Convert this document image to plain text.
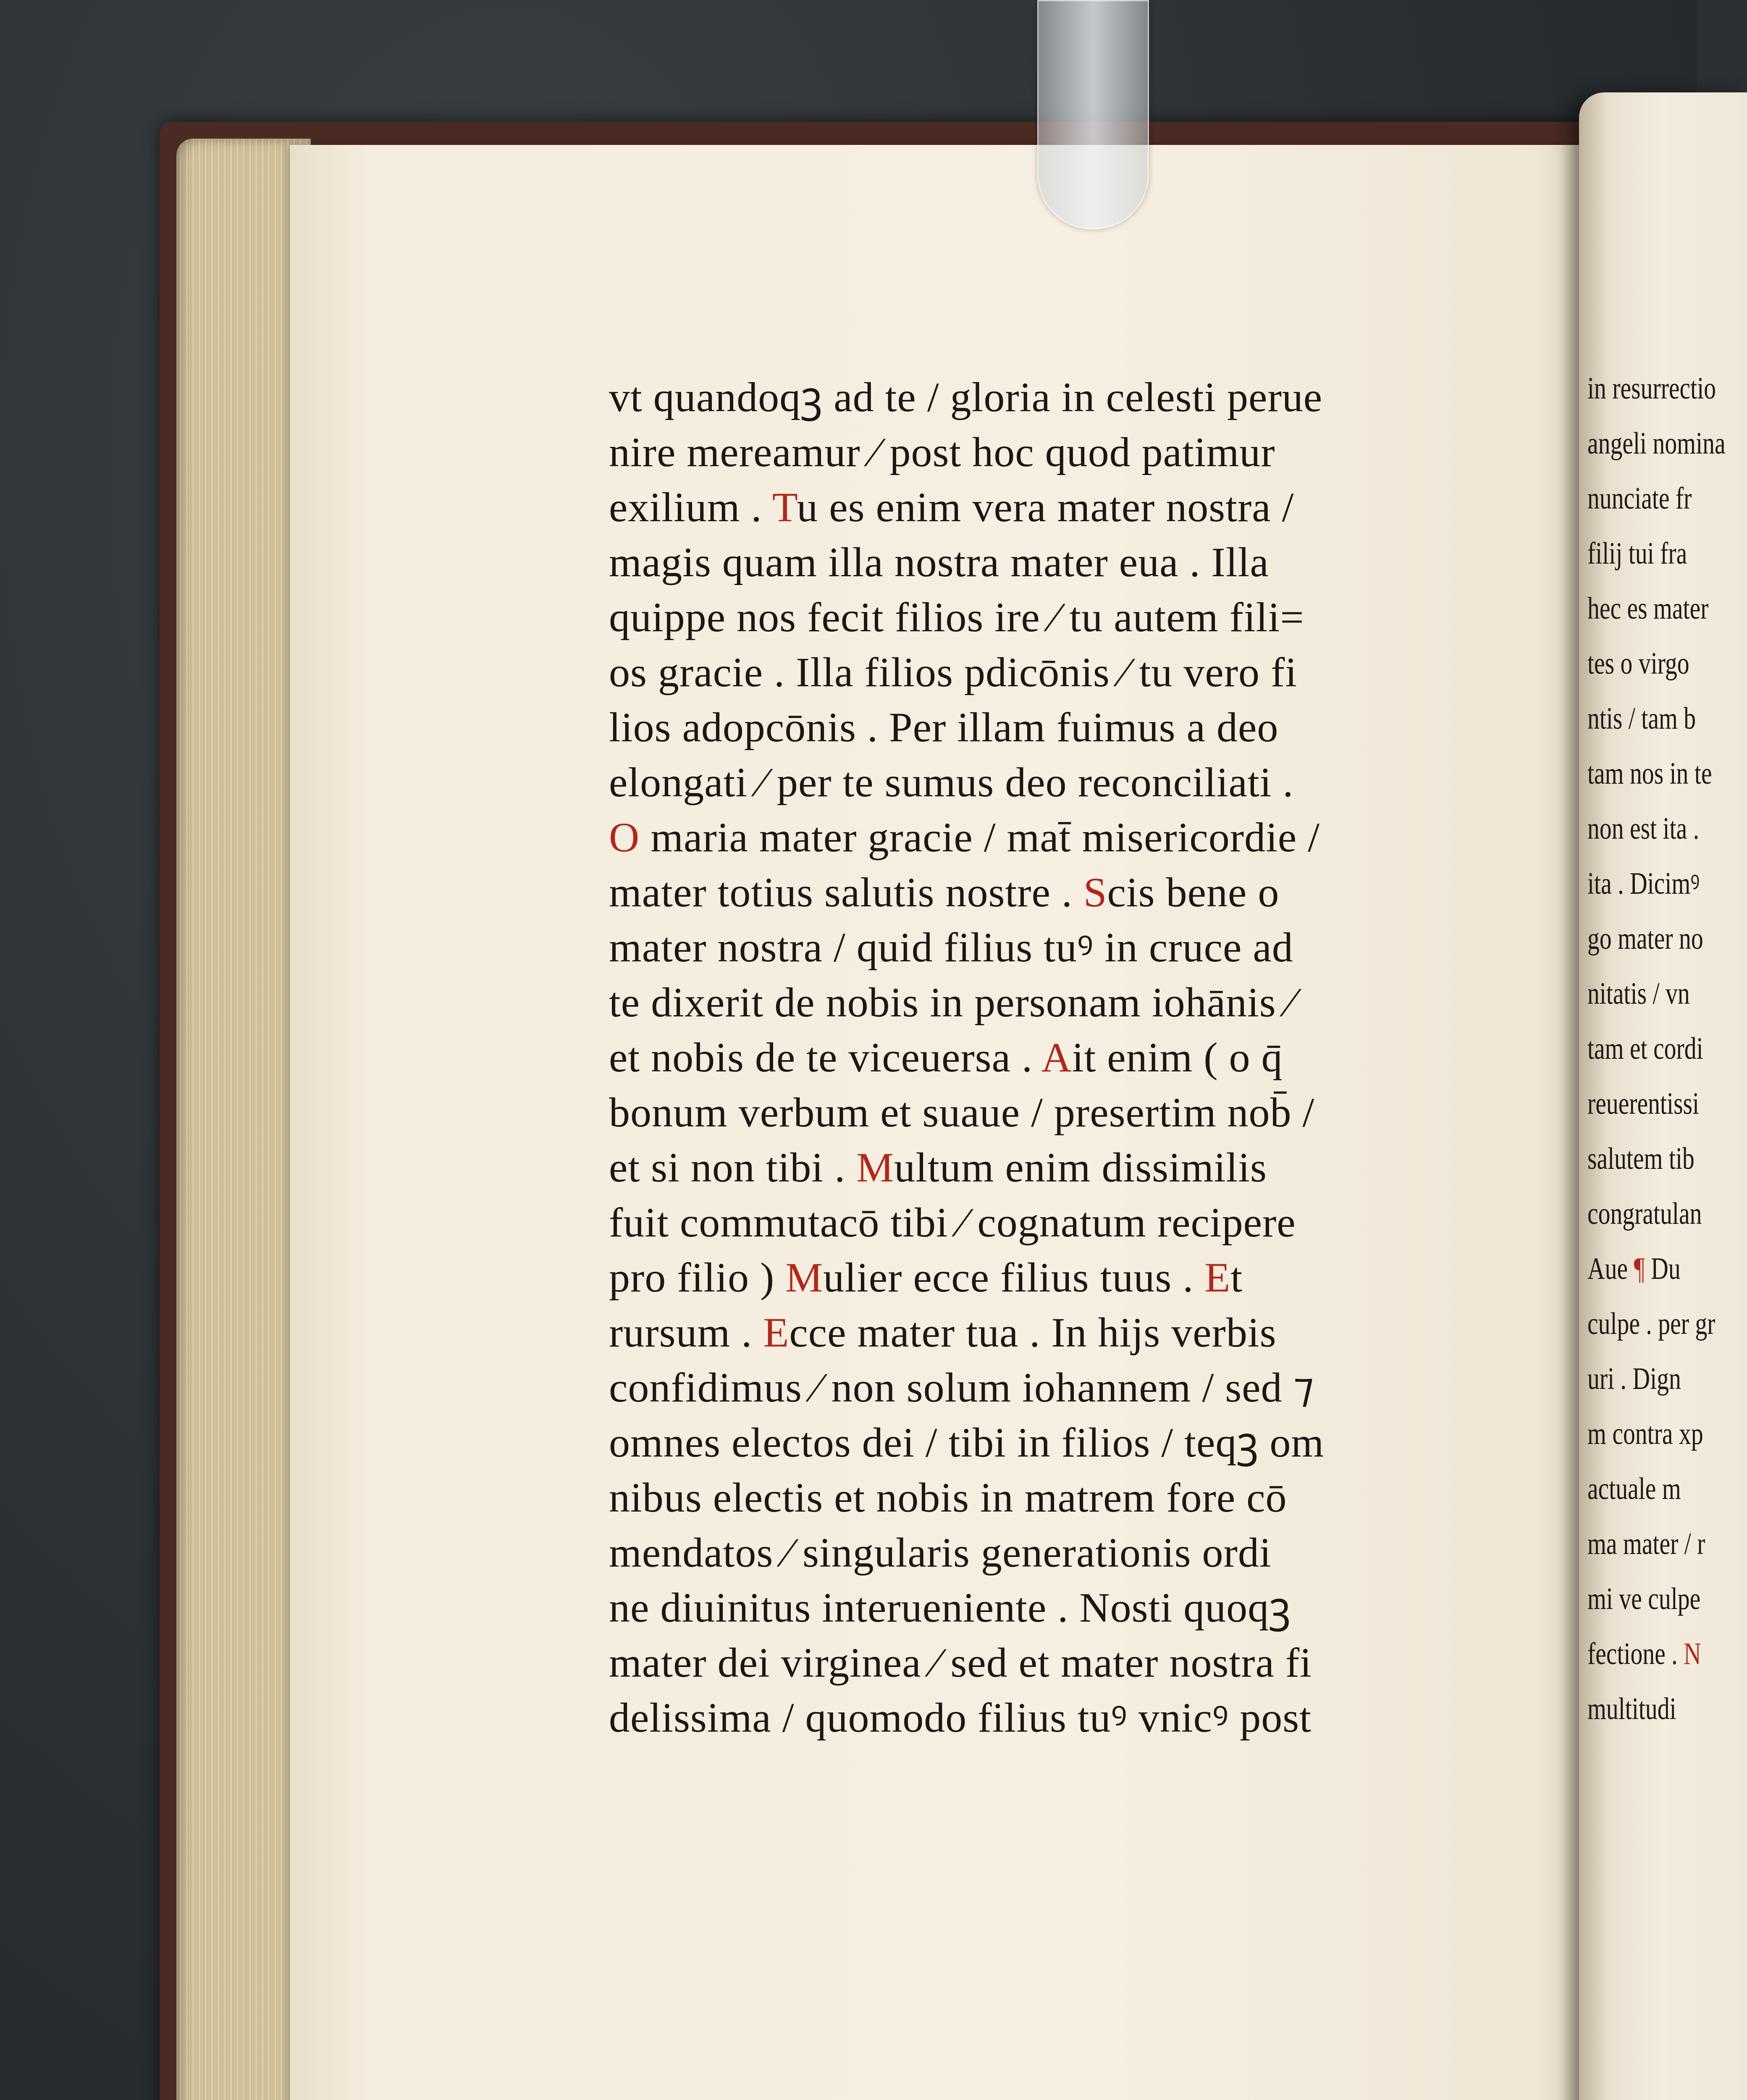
in resurrectio
angeli nomina
nunciate fr
filij tui fra
hec es mater
tes o virgo
ntis / tam b
tam nos in te
non est ita .
ita . Dicimꝰ
go mater no
nitatis / vn
tam et cordi
reuerentissi
salutem tib
congratulan
Aue ¶ Du
culpe . per gr
uri . Dign
m contra xp
actuale m
ma mater / r
mi ve culpe
fectione . N
multitudi
vt quandoqꝫ ad te / gloria in celesti perue
nire mereamur ⁄ post hoc quod patimur
exilium . Tu es enim vera mater nostra /
magis quam illa nostra mater eua . Illa
quippe nos fecit filios ire ⁄ tu autem fili=
os gracie . Illa filios pdicōnis ⁄ tu vero fi
lios adopcōnis . Per illam fuimus a deo
elongati ⁄ per te sumus deo reconciliati .
O maria mater gracie / mat̄ misericordie /
mater totius salutis nostre . Scis bene o
mater nostra / quid filius tuꝰ in cruce ad
te dixerit de nobis in personam iohānis ⁄
et nobis de te viceuersa . Ait enim ( o q̄
bonum verbum et suaue / presertim nob̄ /
et si non tibi . Multum enim dissimilis
fuit commutacō tibi ⁄ cognatum recipere
pro filio ) Mulier ecce filius tuus . Et
rursum . Ecce mater tua . In hijs verbis
confidimus ⁄ non solum iohannem / sed ⁊
omnes electos dei / tibi in filios / teqꝫ om
nibus electis et nobis in matrem fore cō
mendatos ⁄ singularis generationis ordi
ne diuinitus interueniente . Nosti quoqꝫ
mater dei virginea ⁄ sed et mater nostra fi
delissima / quomodo filius tuꝰ vnicꝰ post
